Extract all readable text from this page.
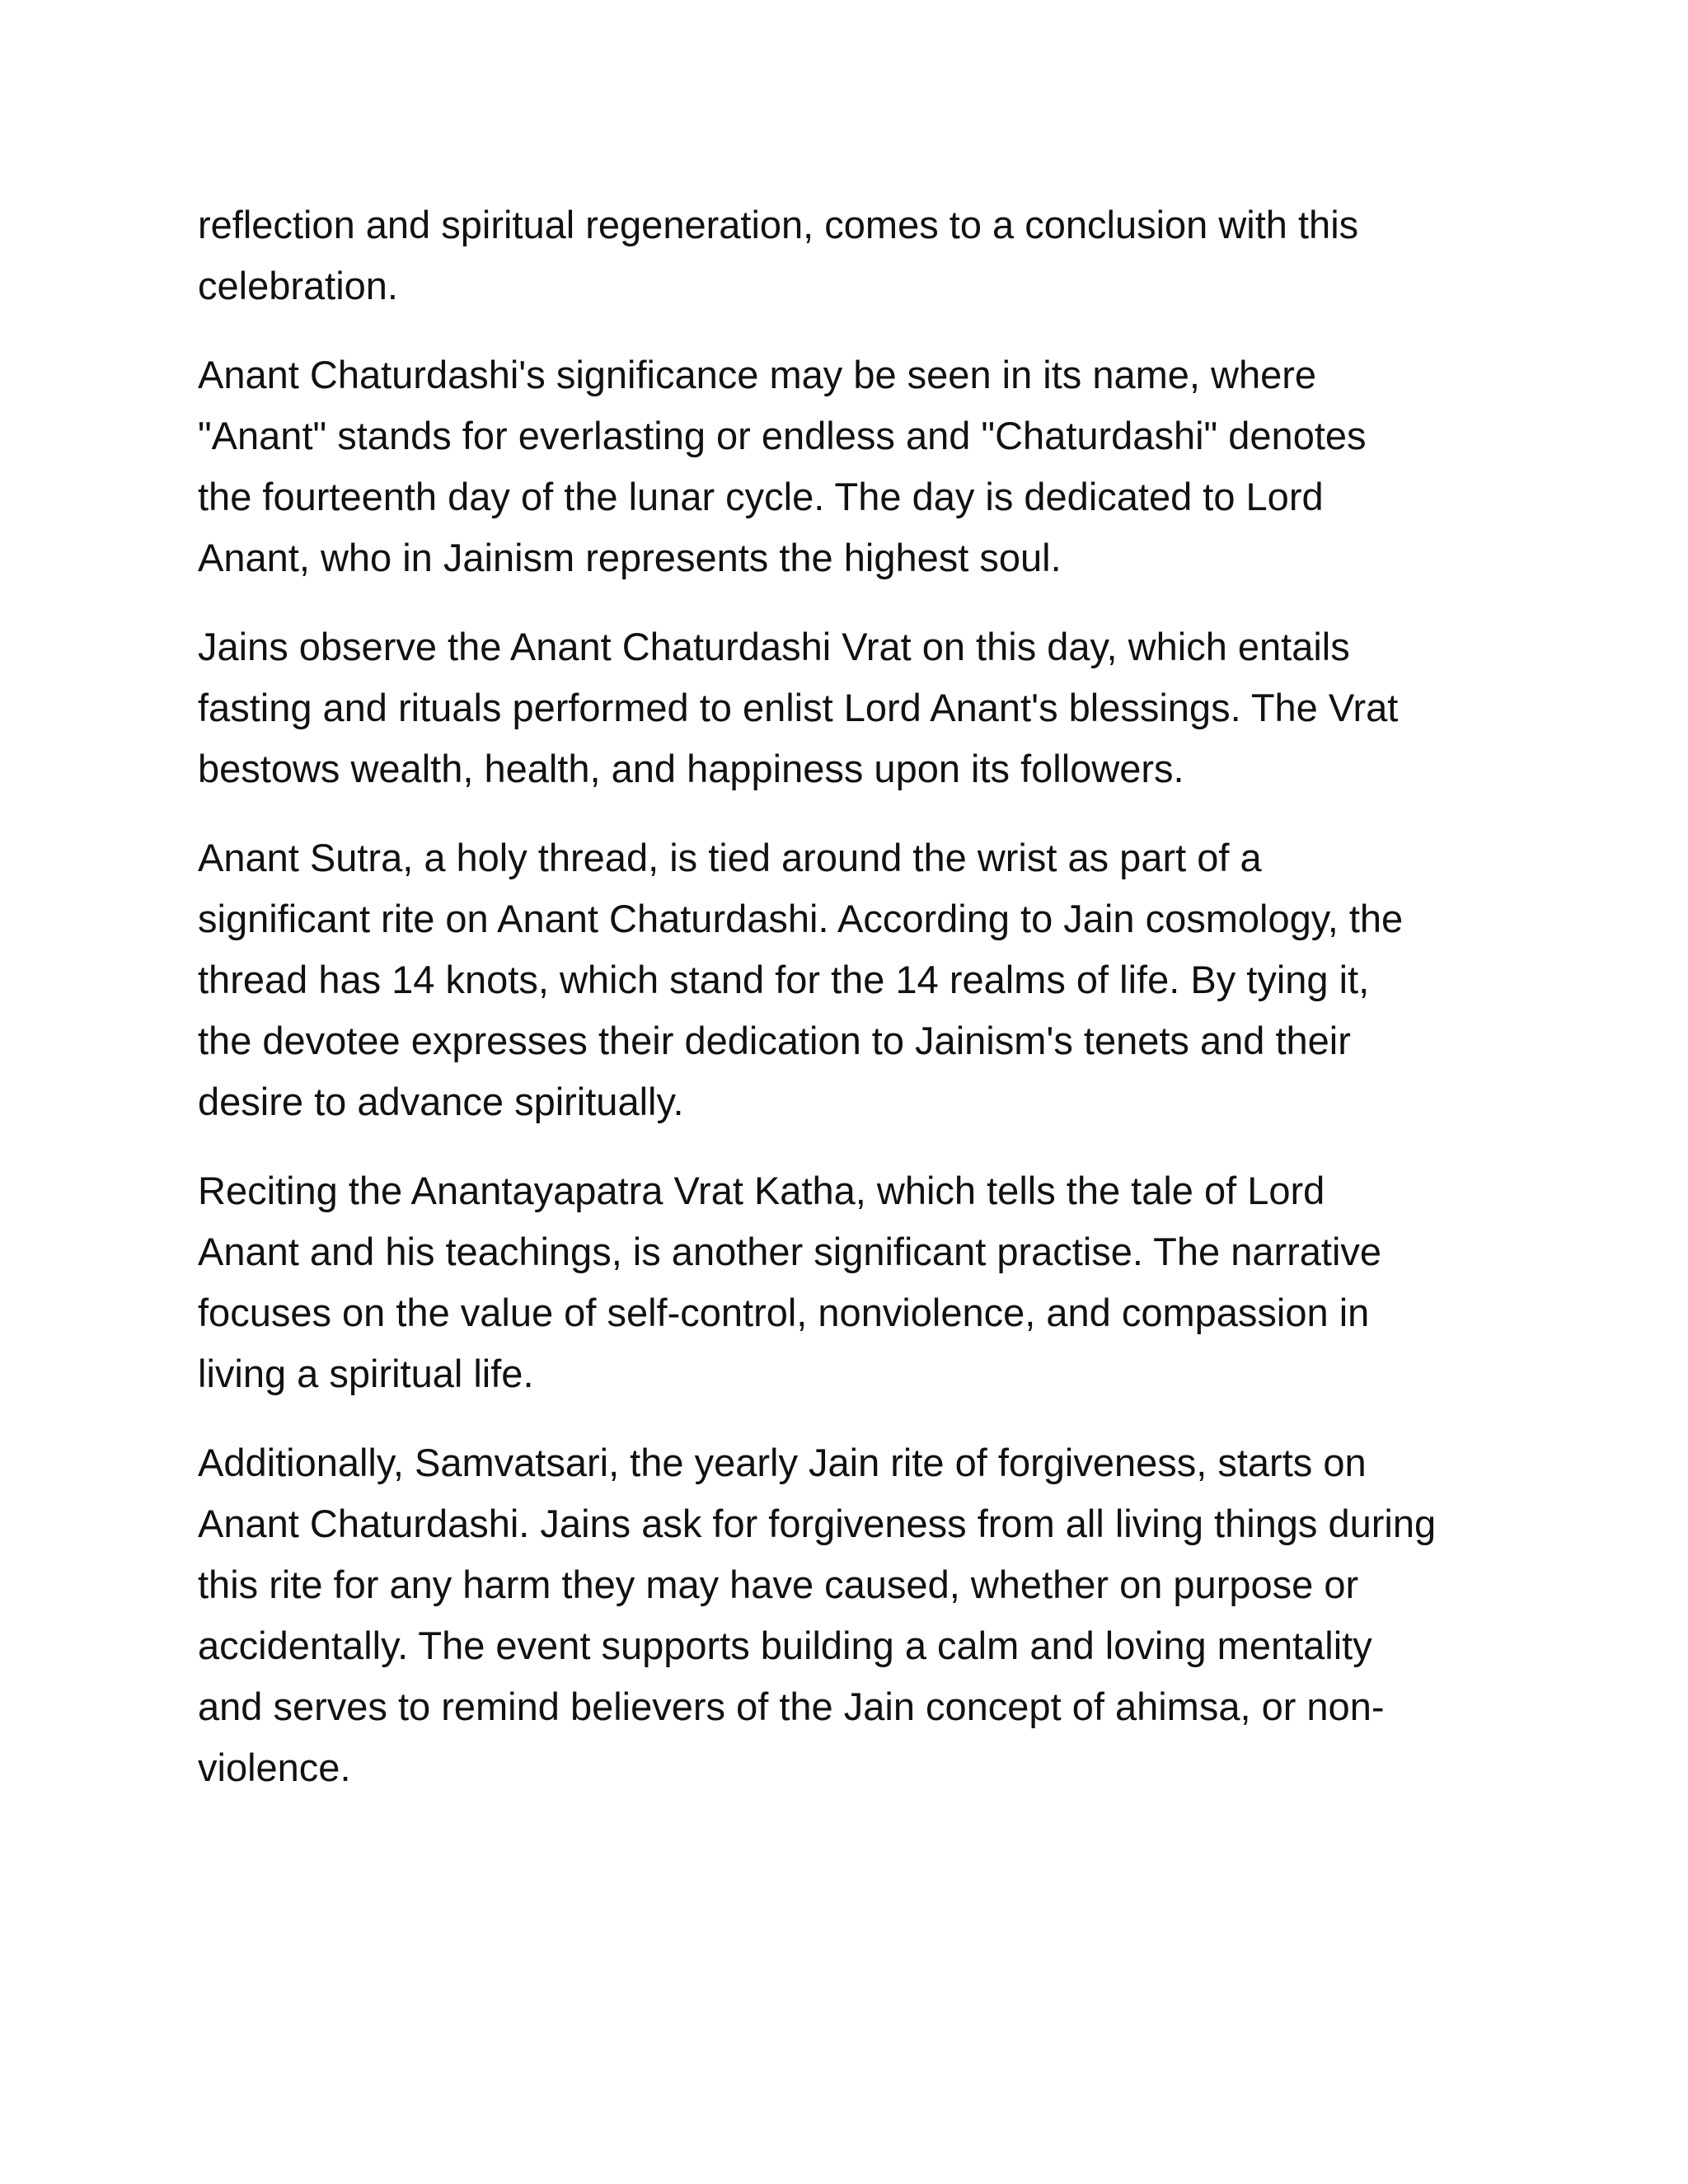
reflection and spiritual regeneration, comes to a conclusion with this
celebration.

Anant Chaturdashi's significance may be seen in its name, where
"Anant" stands for everlasting or endless and "Chaturdashi" denotes
the fourteenth day of the lunar cycle. The day is dedicated to Lord
Anant, who in Jainism represents the highest soul.

Jains observe the Anant Chaturdashi Vrat on this day, which entails
fasting and rituals performed to enlist Lord Anant's blessings. The Vrat
bestows wealth, health, and happiness upon its followers.

Anant Sutra, a holy thread, is tied around the wrist as part of a
significant rite on Anant Chaturdashi. According to Jain cosmology, the
thread has 14 knots, which stand for the 14 realms of life. By tying it,
the devotee expresses their dedication to Jainism's tenets and their
desire to advance spiritually.

Reciting the Anantayapatra Vrat Katha, which tells the tale of Lord
Anant and his teachings, is another significant practise. The narrative
focuses on the value of self-control, nonviolence, and compassion in
living a spiritual life.

Additionally, Samvatsari, the yearly Jain rite of forgiveness, starts on
Anant Chaturdashi. Jains ask for forgiveness from all living things during
this rite for any harm they may have caused, whether on purpose or
accidentally. The event supports building a calm and loving mentality
and serves to remind believers of the Jain concept of ahimsa, or non-
violence.
